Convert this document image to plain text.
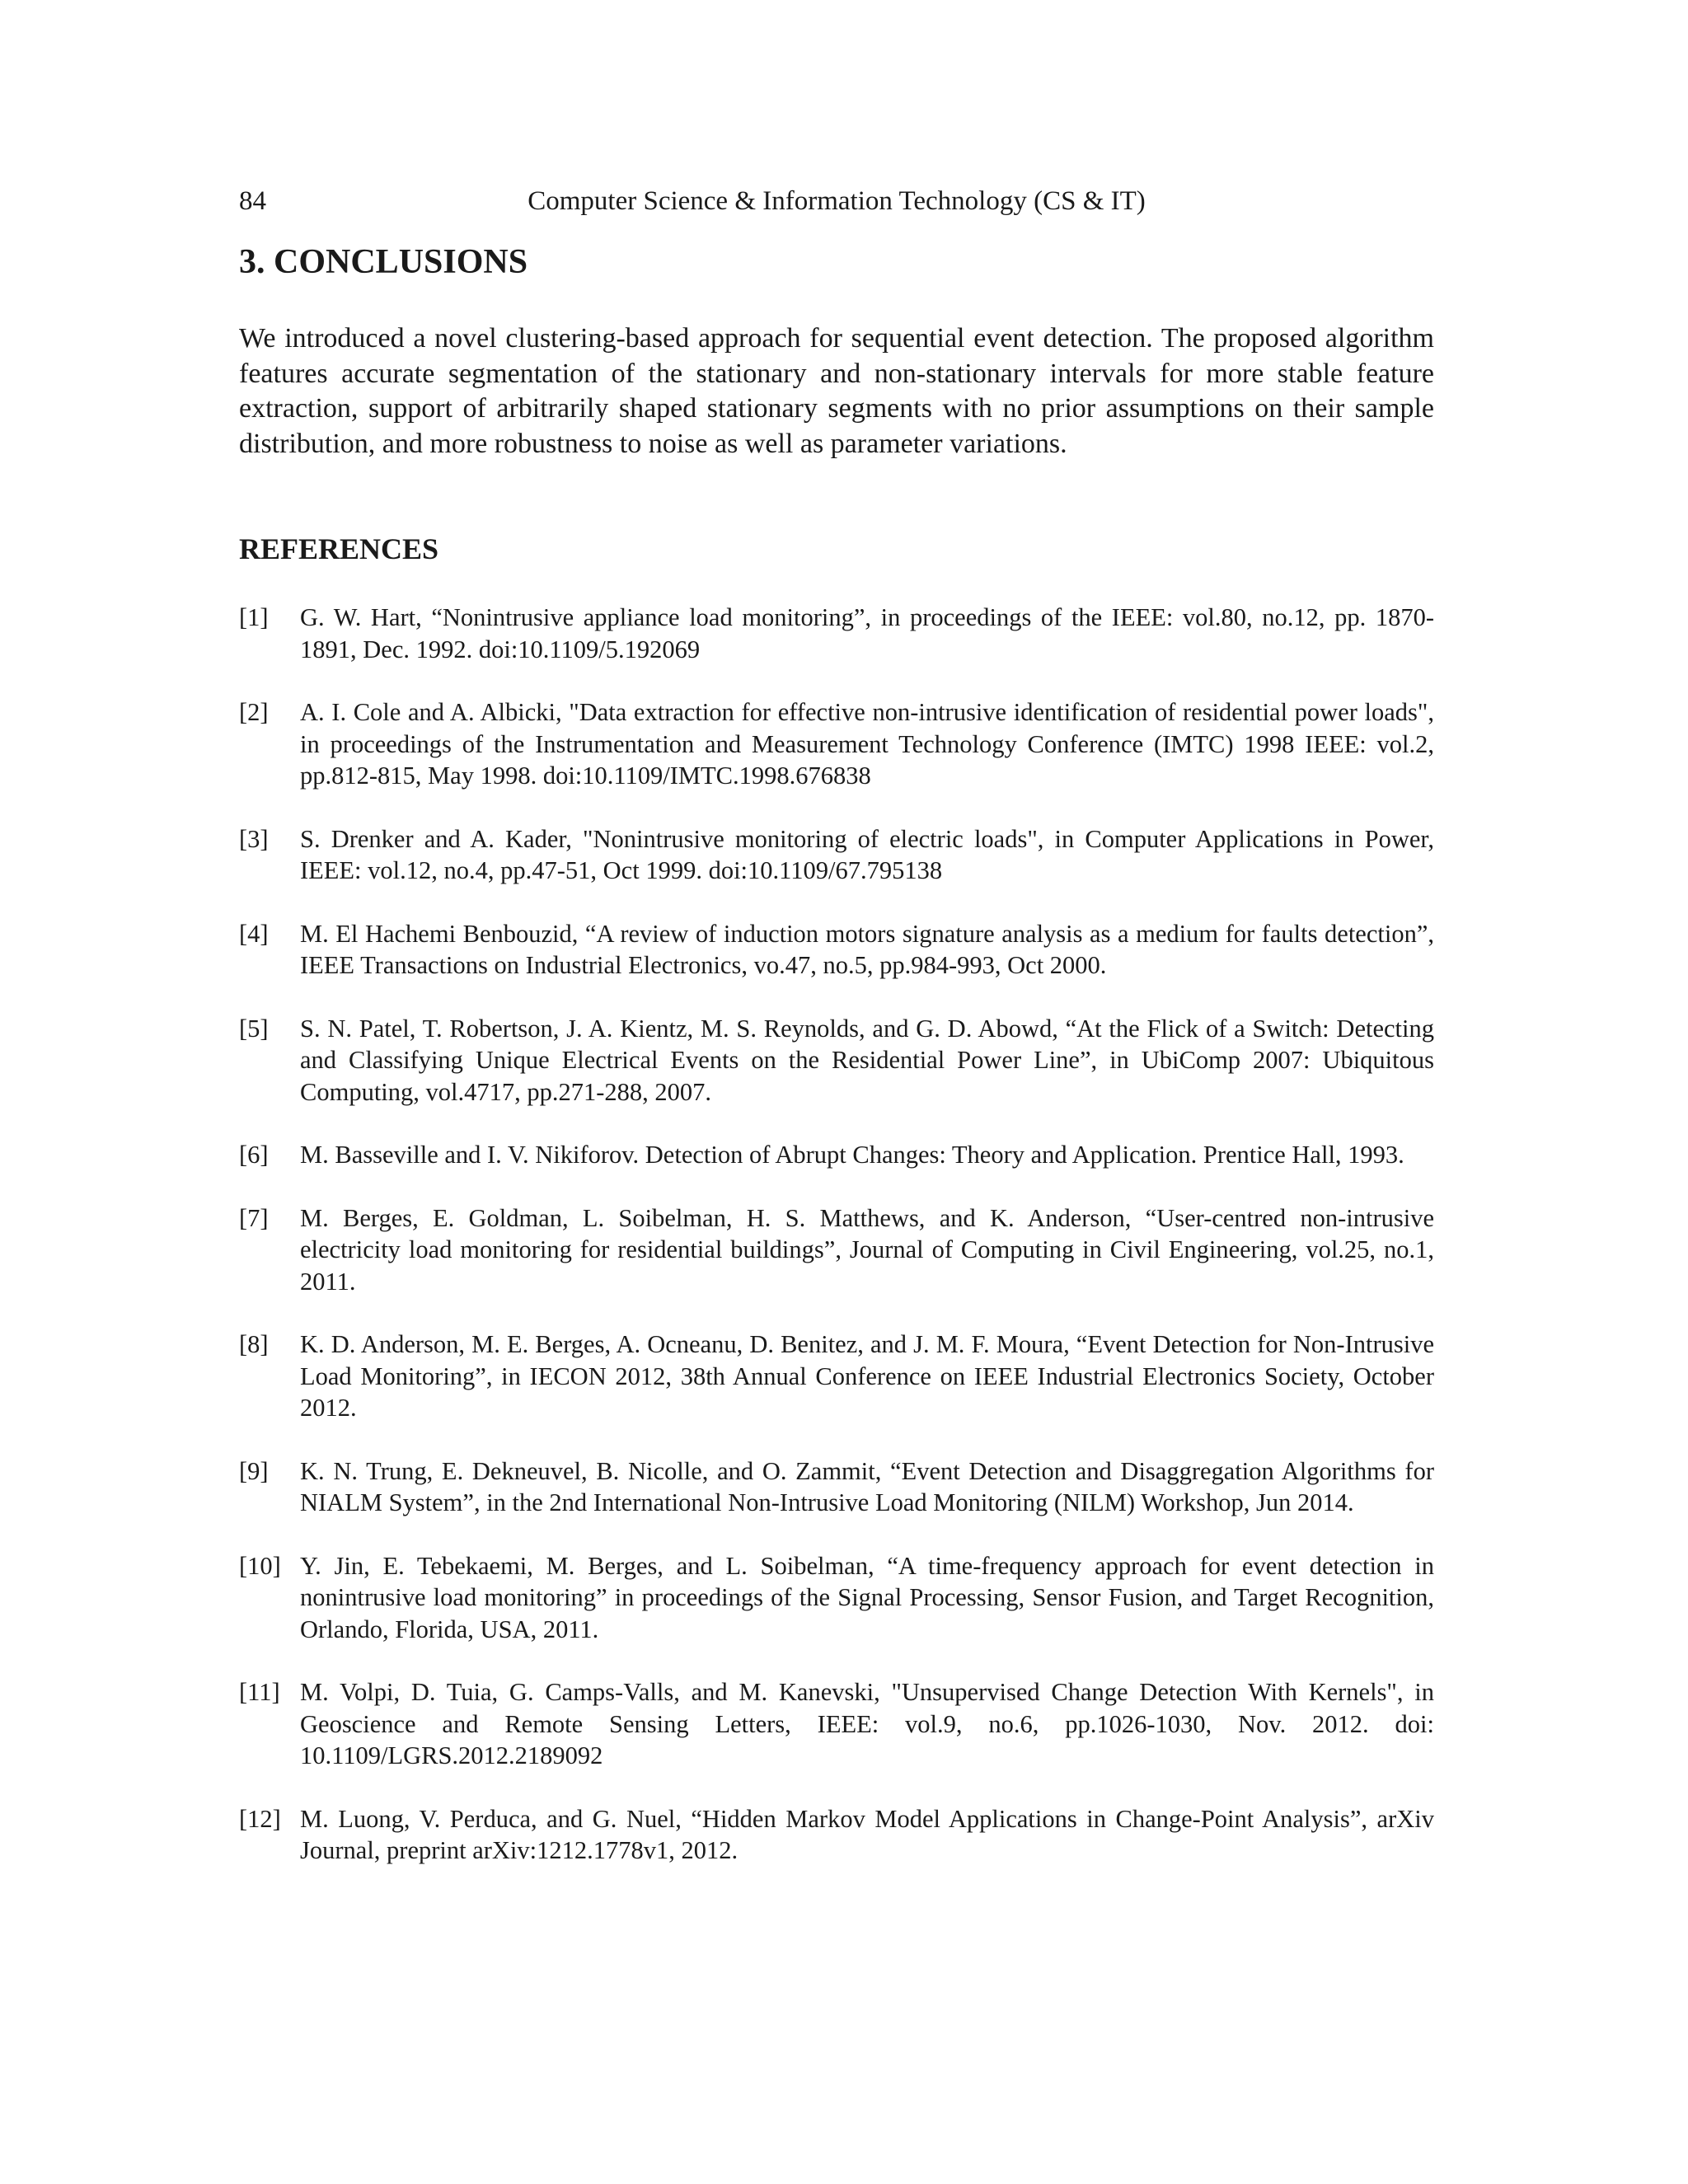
84	Computer Science & Information Technology (CS & IT)
3. CONCLUSIONS

We introduced a novel clustering-based approach for sequential event detection. The proposed algorithm features accurate segmentation of the stationary and non-stationary intervals for more stable feature extraction, support of arbitrarily shaped stationary segments with no prior assumptions on their sample distribution, and more robustness to noise as well as parameter variations.

REFERENCES
[1]	G. W. Hart, “Nonintrusive appliance load monitoring”, in proceedings of the IEEE: vol.80, no.12, pp. 1870-1891, Dec. 1992. doi:10.1109/5.192069
[2]	A. I. Cole and A. Albicki, "Data extraction for effective non-intrusive identification of residential power loads", in proceedings of the Instrumentation and Measurement Technology Conference (IMTC) 1998 IEEE: vol.2, pp.812-815, May 1998. doi:10.1109/IMTC.1998.676838
[3]	S. Drenker and A. Kader, "Nonintrusive monitoring of electric loads", in Computer Applications in Power, IEEE: vol.12, no.4, pp.47-51, Oct 1999. doi:10.1109/67.795138
[4]	M. El Hachemi Benbouzid, “A review of induction motors signature analysis as a medium for faults detection”, IEEE Transactions on Industrial Electronics, vo.47, no.5, pp.984-993, Oct 2000.
[5]	S. N. Patel, T. Robertson, J. A. Kientz, M. S. Reynolds, and G. D. Abowd, “At the Flick of a Switch: Detecting and Classifying Unique Electrical Events on the Residential Power Line”, in UbiComp 2007: Ubiquitous Computing, vol.4717, pp.271-288, 2007.
[6]	M. Basseville and I. V. Nikiforov. Detection of Abrupt Changes: Theory and Application. Prentice Hall, 1993.
[7]	M. Berges, E. Goldman, L. Soibelman, H. S. Matthews, and K. Anderson, “User-centred non-intrusive electricity load monitoring for residential buildings”, Journal of Computing in Civil Engineering, vol.25, no.1, 2011.
[8]	K. D. Anderson, M. E. Berges, A. Ocneanu, D. Benitez, and J. M. F. Moura, “Event Detection for Non-Intrusive Load Monitoring”, in IECON 2012, 38th Annual Conference on IEEE Industrial Electronics Society, October 2012.
[9]	K. N. Trung, E. Dekneuvel, B. Nicolle, and O. Zammit, “Event Detection and Disaggregation Algorithms for NIALM System”, in the 2nd International Non-Intrusive Load Monitoring (NILM) Workshop, Jun 2014.
[10] Y. Jin, E. Tebekaemi, M. Berges, and L. Soibelman, “A time-frequency approach for event detection in nonintrusive load monitoring” in proceedings of the Signal Processing, Sensor Fusion, and Target Recognition, Orlando, Florida, USA, 2011.
[11] M. Volpi, D. Tuia, G. Camps-Valls, and M. Kanevski, "Unsupervised Change Detection With Kernels", in Geoscience and Remote Sensing Letters, IEEE: vol.9, no.6, pp.1026-1030, Nov. 2012. doi: 10.1109/LGRS.2012.2189092
[12] M. Luong, V. Perduca, and G. Nuel, “Hidden Markov Model Applications in Change-Point Analysis”, arXiv Journal, preprint arXiv:1212.1778v1, 2012.
